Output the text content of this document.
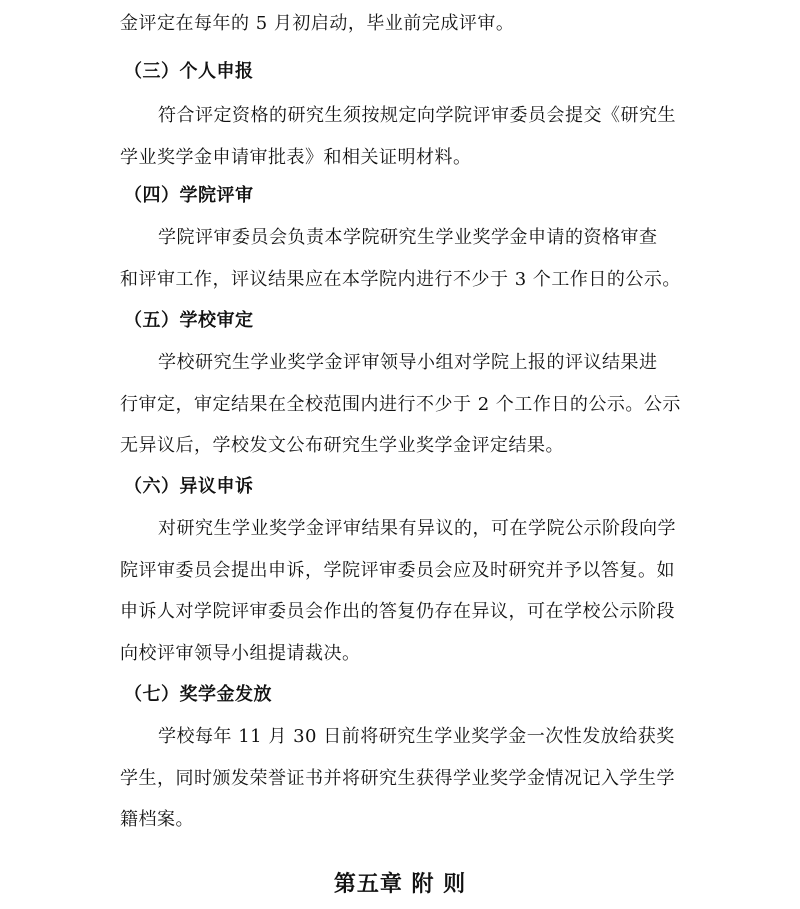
金评定在每年的 5 月初启动，毕业前完成评审。
（三）个人申报
符合评定资格的研究生须按规定向学院评审委员会提交《研究生
学业奖学金申请审批表》和相关证明材料。
（四）学院评审
学院评审委员会负责本学院研究生学业奖学金申请的资格审查
和评审工作，评议结果应在本学院内进行不少于 3 个工作日的公示。
（五）学校审定
学校研究生学业奖学金评审领导小组对学院上报的评议结果进
行审定，审定结果在全校范围内进行不少于 2 个工作日的公示。公示
无异议后，学校发文公布研究生学业奖学金评定结果。
（六）异议申诉
对研究生学业奖学金评审结果有异议的，可在学院公示阶段向学
院评审委员会提出申诉，学院评审委员会应及时研究并予以答复。如
申诉人对学院评审委员会作出的答复仍存在异议，可在学校公示阶段
向校评审领导小组提请裁决。
（七）奖学金发放
学校每年 11 月 30 日前将研究生学业奖学金一次性发放给获奖
学生，同时颁发荣誉证书并将研究生获得学业奖学金情况记入学生学
籍档案。
第五章 附 则
